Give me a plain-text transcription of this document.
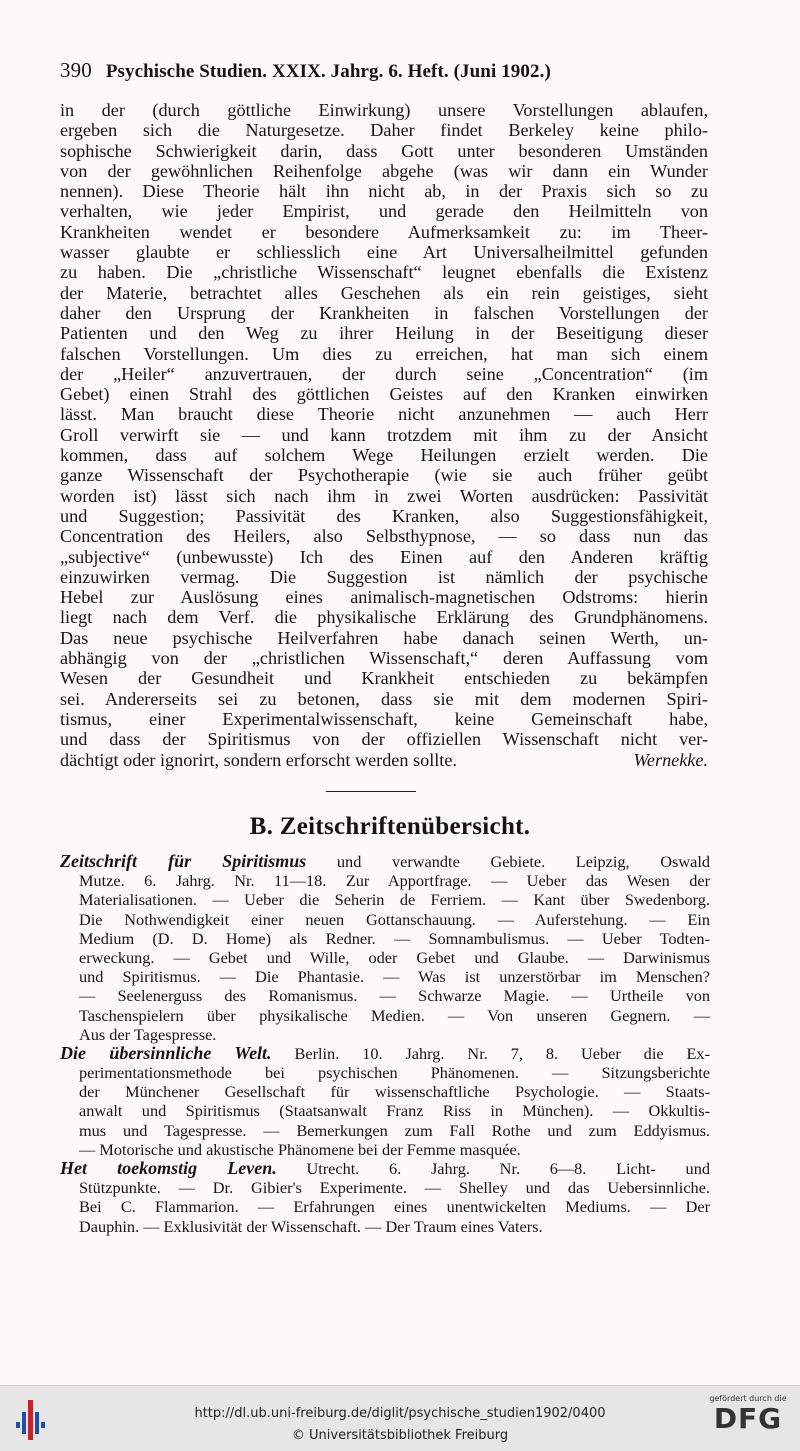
390 Psychische Studien. XXIX. Jahrg. 6. Heft. (Juni 1902.)
in der (durch göttliche Einwirkung) unsere Vorstellungen ablaufen,
ergeben sich die Naturgesetze. Daher findet Berkeley keine philo-
sophische Schwierigkeit darin, dass Gott unter besonderen Umständen
von der gewöhnlichen Reihenfolge abgehe (was wir dann ein Wunder
nennen). Diese Theorie hält ihn nicht ab, in der Praxis sich so zu
verhalten, wie jeder Empirist, und gerade den Heilmitteln von
Krankheiten wendet er besondere Aufmerksamkeit zu: im Theer-
wasser glaubte er schliesslich eine Art Universalheilmittel gefunden
zu haben. Die „christliche Wissenschaft“ leugnet ebenfalls die Existenz
der Materie, betrachtet alles Geschehen als ein rein geistiges, sieht
daher den Ursprung der Krankheiten in falschen Vorstellungen der
Patienten und den Weg zu ihrer Heilung in der Beseitigung dieser
falschen Vorstellungen. Um dies zu erreichen, hat man sich einem
der „Heiler“ anzuvertrauen, der durch seine „Concentration“ (im
Gebet) einen Strahl des göttlichen Geistes auf den Kranken einwirken
lässt. Man braucht diese Theorie nicht anzunehmen — auch Herr
Groll verwirft sie — und kann trotzdem mit ihm zu der Ansicht
kommen, dass auf solchem Wege Heilungen erzielt werden. Die
ganze Wissenschaft der Psychotherapie (wie sie auch früher geübt
worden ist) lässt sich nach ihm in zwei Worten ausdrücken: Passivität
und Suggestion; Passivität des Kranken, also Suggestionsfähigkeit,
Concentration des Heilers, also Selbsthypnose, — so dass nun das
„subjective“ (unbewusste) Ich des Einen auf den Anderen kräftig
einzuwirken vermag. Die Suggestion ist nämlich der psychische
Hebel zur Auslösung eines animalisch-magnetischen Odstroms: hierin
liegt nach dem Verf. die physikalische Erklärung des Grundphänomens.
Das neue psychische Heilverfahren habe danach seinen Werth, un-
abhängig von der „christlichen Wissenschaft,“ deren Auffassung vom
Wesen der Gesundheit und Krankheit entschieden zu bekämpfen
sei. Andererseits sei zu betonen, dass sie mit dem modernen Spiri-
tismus, einer Experimentalwissenschaft, keine Gemeinschaft habe,
und dass der Spiritismus von der offiziellen Wissenschaft nicht ver-
dächtigt oder ignorirt, sondern erforscht werden sollte.	Wernekke.
B. Zeitschriftenübersicht.
Zeitschrift für Spiritismus und verwandte Gebiete. Leipzig, Oswald
Mutze. 6. Jahrg. Nr. 11—18. Zur Apportfrage. — Ueber das Wesen der
Materialisationen. — Ueber die Seherin de Ferriem. — Kant über Swedenborg.
Die Nothwendigkeit einer neuen Gottanschauung. — Auferstehung. — Ein
Medium (D. D. Home) als Redner. — Somnambulismus. — Ueber Todten-
erweckung. — Gebet und Wille, oder Gebet und Glaube. — Darwinismus
und Spiritismus. — Die Phantasie. — Was ist unzerstörbar im Menschen?
— Seelenerguss des Romanismus. — Schwarze Magie. — Urtheile von
Taschenspielern über physikalische Medien. — Von unseren Gegnern. —
Aus der Tagespresse.
Die übersinnliche Welt. Berlin. 10. Jahrg. Nr. 7, 8. Ueber die Ex-
perimentationsmethode bei psychischen Phänomenen. — Sitzungsberichte
der Münchener Gesellschaft für wissenschaftliche Psychologie. — Staats-
anwalt und Spiritismus (Staatsanwalt Franz Riss in München). — Okkultis-
mus und Tagespresse. — Bemerkungen zum Fall Rothe und zum Eddyismus.
— Motorische und akustische Phänomene bei der Femme masquée.
Het toekomstig Leven. Utrecht. 6. Jahrg. Nr. 6—8. Licht- und
Stützpunkte. — Dr. Gibier's Experimente. — Shelley und das Uebersinnliche.
Bei C. Flammarion. — Erfahrungen eines unentwickelten Mediums. — Der
Dauphin. — Exklusivität der Wissenschaft. — Der Traum eines Vaters.
http://dl.ub.uni-freiburg.de/diglit/psychische_studien1902/0400
© Universitätsbibliothek Freiburg
gefördert durch die
DFG
